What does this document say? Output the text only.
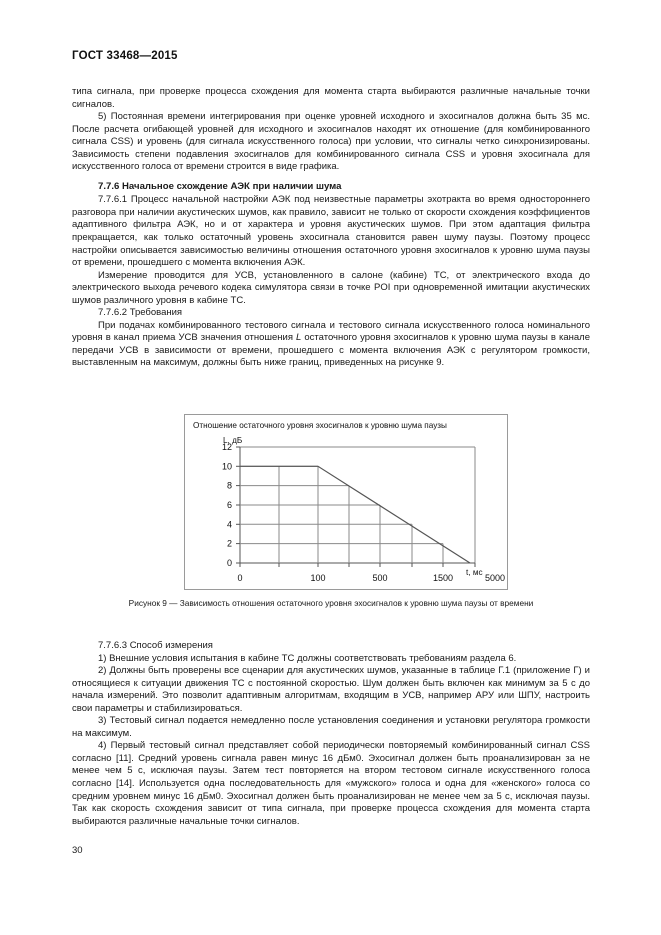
ГОСТ 33468—2015

типа сигнала, при проверке процесса схождения для момента старта выбираются различные начальные точки сигналов.

5) Постоянная времени интегрирования при оценке уровней исходного и эхосигналов должна быть 35 мс. После расчета огибающей уровней для исходного и эхосигналов находят их отношение (для комбинированного сигнала CSS) и уровень (для сигнала искусственного голоса) при условии, что сигналы четко синхронизированы. Зависимость степени подавления эхосигналов для комбинированного сигнала CSS и уровня эхосигнала для искусственного голоса от времени строится в виде графика.

7.7.6 Начальное схождение АЭК при наличии шума

7.7.6.1 Процесс начальной настройки АЭК под неизвестные параметры эхотракта во время одностороннего разговора при наличии акустических шумов, как правило, зависит не только от скорости схождения коэффициентов адаптивного фильтра АЭК, но и от характера и уровня акустических шумов. При этом адаптация фильтра прекращается, как только остаточный уровень эхосигнала становится равен шуму паузы. Поэтому процесс настройки описывается зависимостью величины отношения остаточного уровня эхосигналов к уровню шума паузы от времени, прошедшего с момента включения АЭК.

Измерение проводится для УСВ, установленного в салоне (кабине) ТС, от электрического входа до электрического выхода речевого кодека симулятора связи в точке POI при одновременной имитации акустических шумов различного уровня в кабине ТС.

7.7.6.2 Требования

При подачах комбинированного тестового сигнала и тестового сигнала искусственного голоса номинального уровня в канал приема УСВ значения отношения L остаточного уровня эхосигналов к уровню шума паузы в канале передачи УСВ в зависимости от времени, прошедшего с момента включения АЭК с регулятором громкости, выставленным на максимум, должны быть ниже границ, приведенных на рисунке 9.

Отношение остаточного уровня эхосигналов к уровню шума паузы
L, дБ
t, мс
12
10
8
6
4
2
0
0	100	500	1500	5000
Рисунок 9 — Зависимость отношения остаточного уровня эхосигналов к уровню шума паузы от времени

7.7.6.3 Способ измерения

1) Внешние условия испытания в кабине ТС должны соответствовать требованиям раздела 6.

2) Должны быть проверены все сценарии для акустических шумов, указанные в таблице Г.1 (приложение Г) и относящиеся к ситуации движения ТС с постоянной скоростью. Шум должен быть включен как минимум за 5 с до начала измерений. Это позволит адаптивным алгоритмам, входящим в УСВ, например АРУ или ШПУ, настроить свои параметры и стабилизироваться.

3) Тестовый сигнал подается немедленно после установления соединения и установки регулятора громкости на максимум.

4) Первый тестовый сигнал представляет собой периодически повторяемый комбинированный сигнал CSS согласно [11]. Средний уровень сигнала равен минус 16 дБм0. Эхосигнал должен быть проанализирован за не менее чем 5 с, исключая паузы. Затем тест повторяется на втором тестовом сигнале искусственного голоса согласно [14]. Используется одна последовательность для «мужского» голоса и одна для «женского» голоса со средним уровнем минус 16 дБм0. Эхосигнал должен быть проанализирован не менее чем за 5 с, исключая паузы. Так как скорость схождения зависит от типа сигнала, при проверке процесса схождения для момента старта выбираются различные начальные точки сигналов.

30
